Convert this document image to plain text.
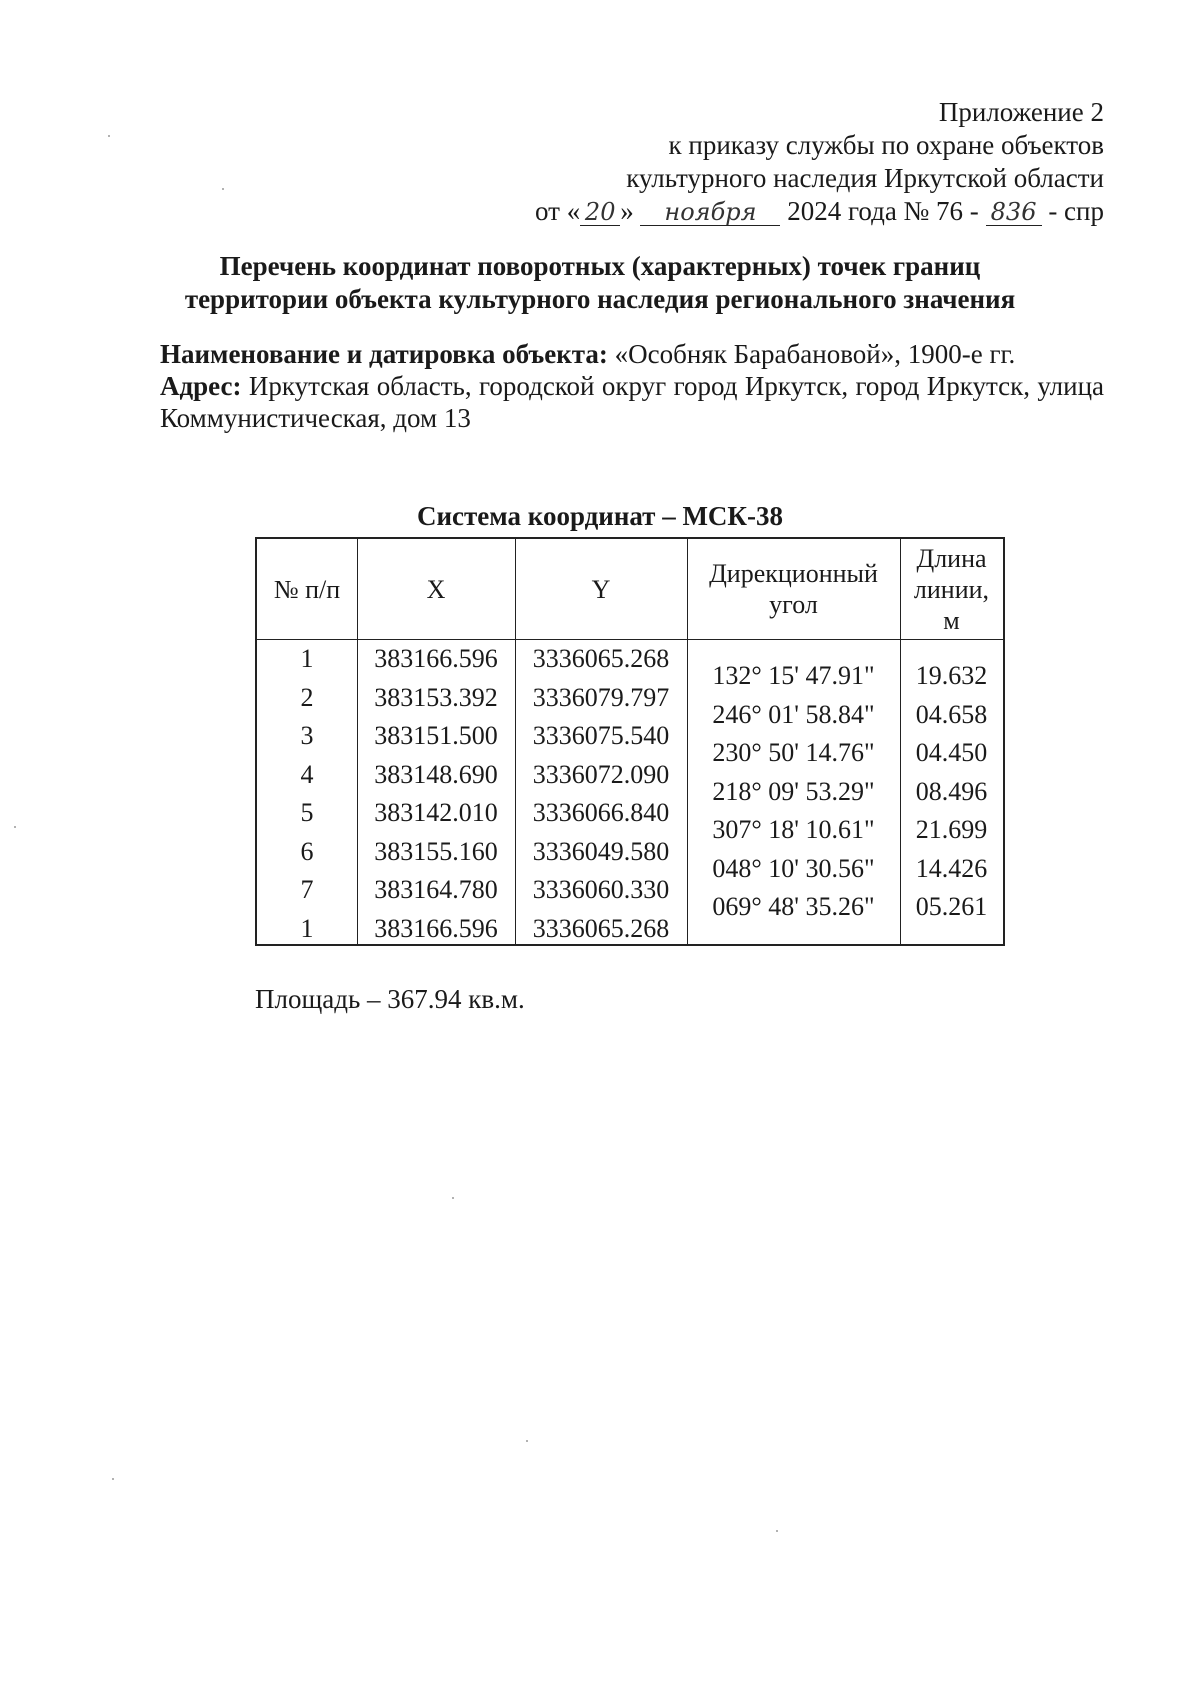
Приложение 2
к приказу службы по охране объектов
культурного наследия Иркутской области
от « 20 » ноября 2024 года № 76 - 836 - спр
Перечень координат поворотных (характерных) точек границ
территории объекта культурного наследия регионального значения

Наименование и датировка объекта: «Особняк Барабановой», 1900-е гг.

Адрес: Иркутская область, городской округ город Иркутск, город Иркутск, улица Коммунистическая, дом 13

Система координат – МСК-38
№ п/п	X	Y
Дирекционный угол
Длина линии, м
1
2
3
4
5
6
7
1
383166.596
383153.392
383151.500
383148.690
383142.010
383155.160
383164.780
383166.596
3336065.268
3336079.797
3336075.540
3336072.090
3336066.840
3336049.580
3336060.330
3336065.268
132° 15' 47.91"
246° 01' 58.84"
230° 50' 14.76"
218° 09' 53.29"
307° 18' 10.61"
048° 10' 30.56"
069° 48' 35.26"
19.632
04.658
04.450
08.496
21.699
14.426
05.261
Площадь – 367.94 кв.м.
